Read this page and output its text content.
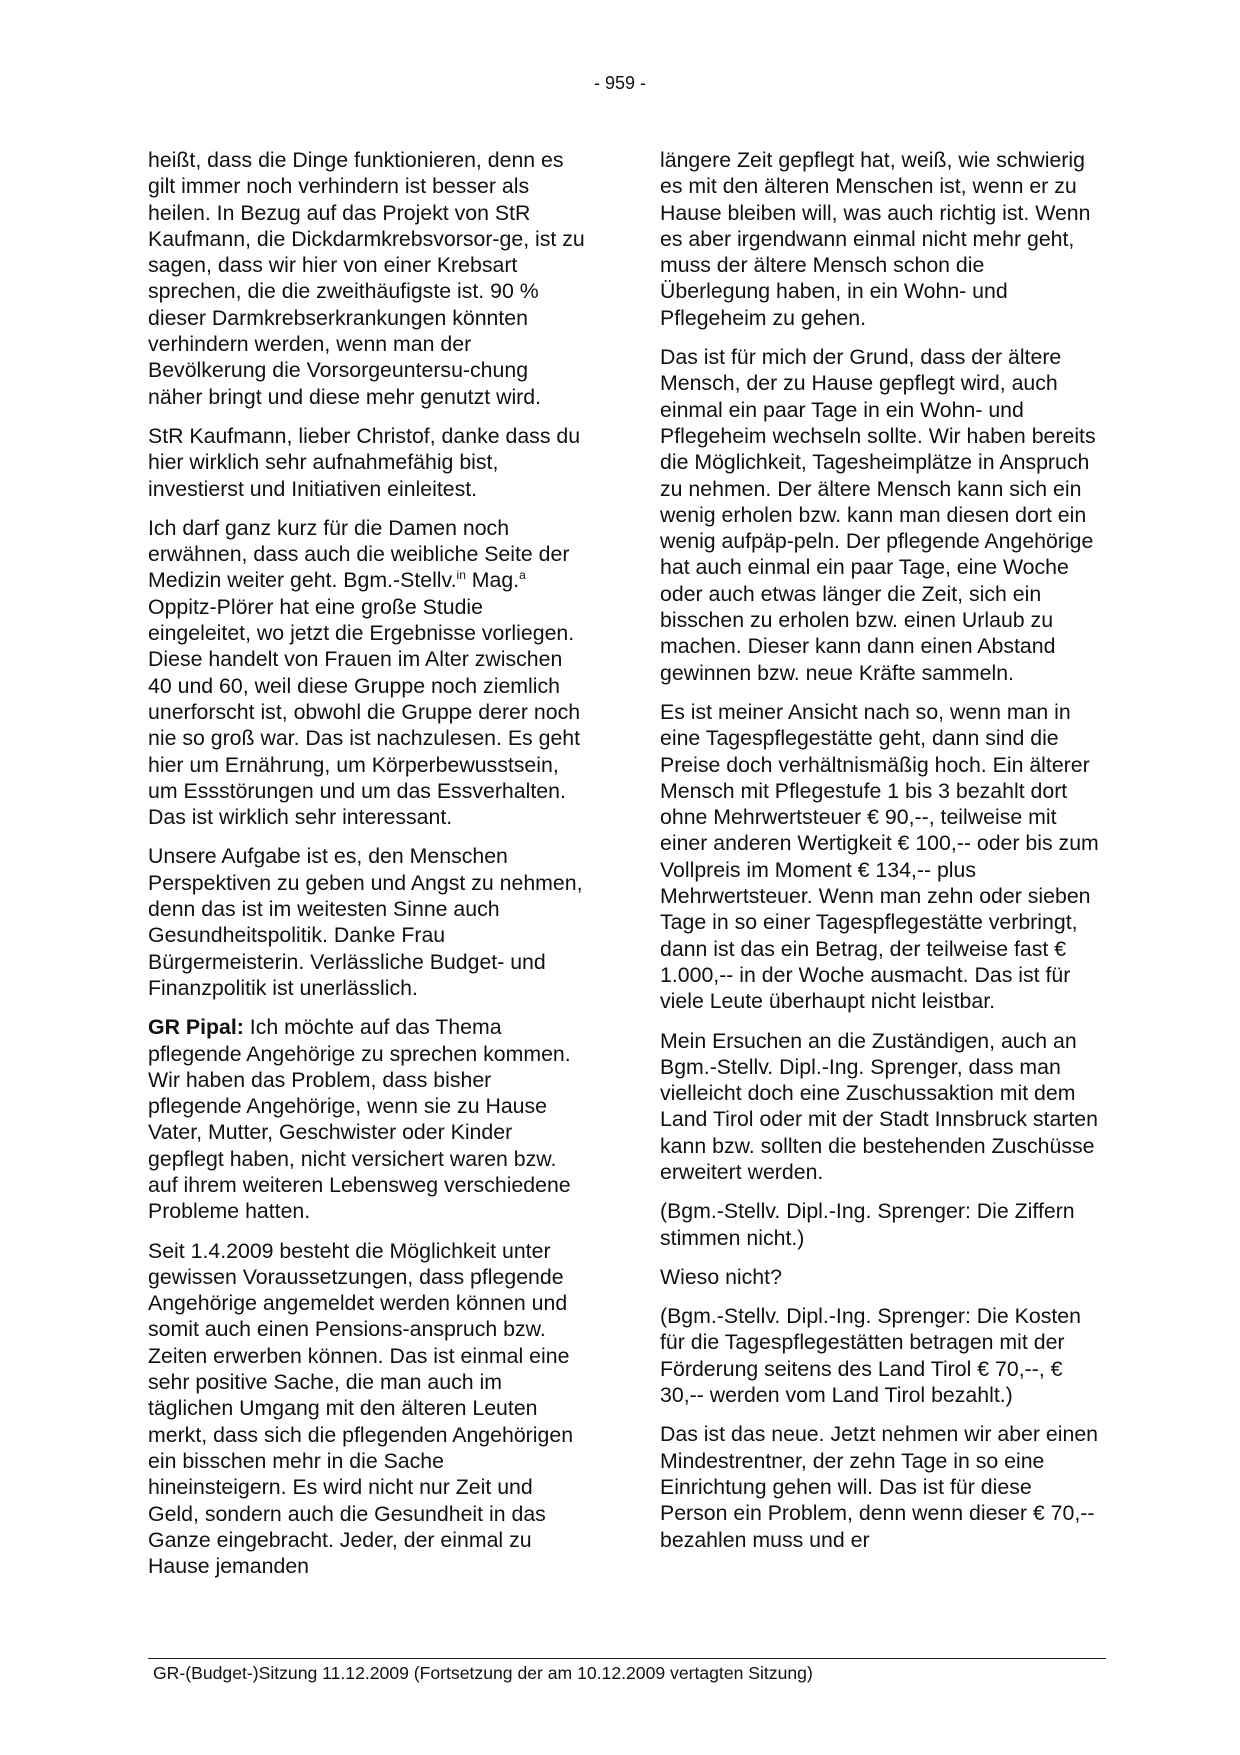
- 959 -

heißt, dass die Dinge funktionieren, denn es gilt immer noch verhindern ist besser als heilen. In Bezug auf das Projekt von StR Kaufmann, die Dickdarmkrebsvorsor-ge, ist zu sagen, dass wir hier von einer Krebsart sprechen, die die zweithäufigste ist. 90 % dieser Darmkrebserkrankungen könnten verhindern werden, wenn man der Bevölkerung die Vorsorgeuntersu-chung näher bringt und diese mehr genutzt wird.

StR Kaufmann, lieber Christof, danke dass du hier wirklich sehr aufnahmefähig bist, investierst und Initiativen einleitest.

Ich darf ganz kurz für die Damen noch erwähnen, dass auch die weibliche Seite der Medizin weiter geht. Bgm.-Stellv.$^{in}$ Mag.$^a$ Oppitz-Plörer hat eine große Studie eingeleitet, wo jetzt die Ergebnisse vorliegen. Diese handelt von Frauen im Alter zwischen 40 und 60, weil diese Gruppe noch ziemlich unerforscht ist, obwohl die Gruppe derer noch nie so groß war. Das ist nachzulesen. Es geht hier um Ernährung, um Körperbewusstsein, um Essstörungen und um das Essverhalten. Das ist wirklich sehr interessant.

Unsere Aufgabe ist es, den Menschen Perspektiven zu geben und Angst zu nehmen, denn das ist im weitesten Sinne auch Gesundheitspolitik. Danke Frau Bürgermeisterin. Verlässliche Budget- und Finanzpolitik ist unerlässlich.

GR Pipal: Ich möchte auf das Thema pflegende Angehörige zu sprechen kommen. Wir haben das Problem, dass bisher pflegende Angehörige, wenn sie zu Hause Vater, Mutter, Geschwister oder Kinder gepflegt haben, nicht versichert waren bzw. auf ihrem weiteren Lebensweg verschiedene Probleme hatten.

Seit 1.4.2009 besteht die Möglichkeit unter gewissen Voraussetzungen, dass pflegende Angehörige angemeldet werden können und somit auch einen Pensions-anspruch bzw. Zeiten erwerben können. Das ist einmal eine sehr positive Sache, die man auch im täglichen Umgang mit den älteren Leuten merkt, dass sich die pflegenden Angehörigen ein bisschen mehr in die Sache hineinsteigern. Es wird nicht nur Zeit und Geld, sondern auch die Gesundheit in das Ganze eingebracht. Jeder, der einmal zu Hause jemanden

längere Zeit gepflegt hat, weiß, wie schwierig es mit den älteren Menschen ist, wenn er zu Hause bleiben will, was auch richtig ist. Wenn es aber irgendwann einmal nicht mehr geht, muss der ältere Mensch schon die Überlegung haben, in ein Wohn- und Pflegeheim zu gehen.

Das ist für mich der Grund, dass der ältere Mensch, der zu Hause gepflegt wird, auch einmal ein paar Tage in ein Wohn- und Pflegeheim wechseln sollte. Wir haben bereits die Möglichkeit, Tagesheimplätze in Anspruch zu nehmen. Der ältere Mensch kann sich ein wenig erholen bzw. kann man diesen dort ein wenig aufpäp-peln. Der pflegende Angehörige hat auch einmal ein paar Tage, eine Woche oder auch etwas länger die Zeit, sich ein bisschen zu erholen bzw. einen Urlaub zu machen. Dieser kann dann einen Abstand gewinnen bzw. neue Kräfte sammeln.

Es ist meiner Ansicht nach so, wenn man in eine Tagespflegestätte geht, dann sind die Preise doch verhältnismäßig hoch. Ein älterer Mensch mit Pflegestufe 1 bis 3 bezahlt dort ohne Mehrwertsteuer € 90,--, teilweise mit einer anderen Wertigkeit € 100,-- oder bis zum Vollpreis im Moment € 134,-- plus Mehrwertsteuer. Wenn man zehn oder sieben Tage in so einer Tagespflegestätte verbringt, dann ist das ein Betrag, der teilweise fast € 1.000,-- in der Woche ausmacht. Das ist für viele Leute überhaupt nicht leistbar.

Mein Ersuchen an die Zuständigen, auch an Bgm.-Stellv. Dipl.-Ing. Sprenger, dass man vielleicht doch eine Zuschussaktion mit dem Land Tirol oder mit der Stadt Innsbruck starten kann bzw. sollten die bestehenden Zuschüsse erweitert werden.

(Bgm.-Stellv. Dipl.-Ing. Sprenger: Die Ziffern stimmen nicht.)

Wieso nicht?

(Bgm.-Stellv. Dipl.-Ing. Sprenger: Die Kosten für die Tagespflegestätten betragen mit der Förderung seitens des Land Tirol € 70,--, € 30,-- werden vom Land Tirol bezahlt.)

Das ist das neue. Jetzt nehmen wir aber einen Mindestrentner, der zehn Tage in so eine Einrichtung gehen will. Das ist für diese Person ein Problem, denn wenn dieser € 70,-- bezahlen muss und er

GR-(Budget-)Sitzung 11.12.2009 (Fortsetzung der am 10.12.2009 vertagten Sitzung)
